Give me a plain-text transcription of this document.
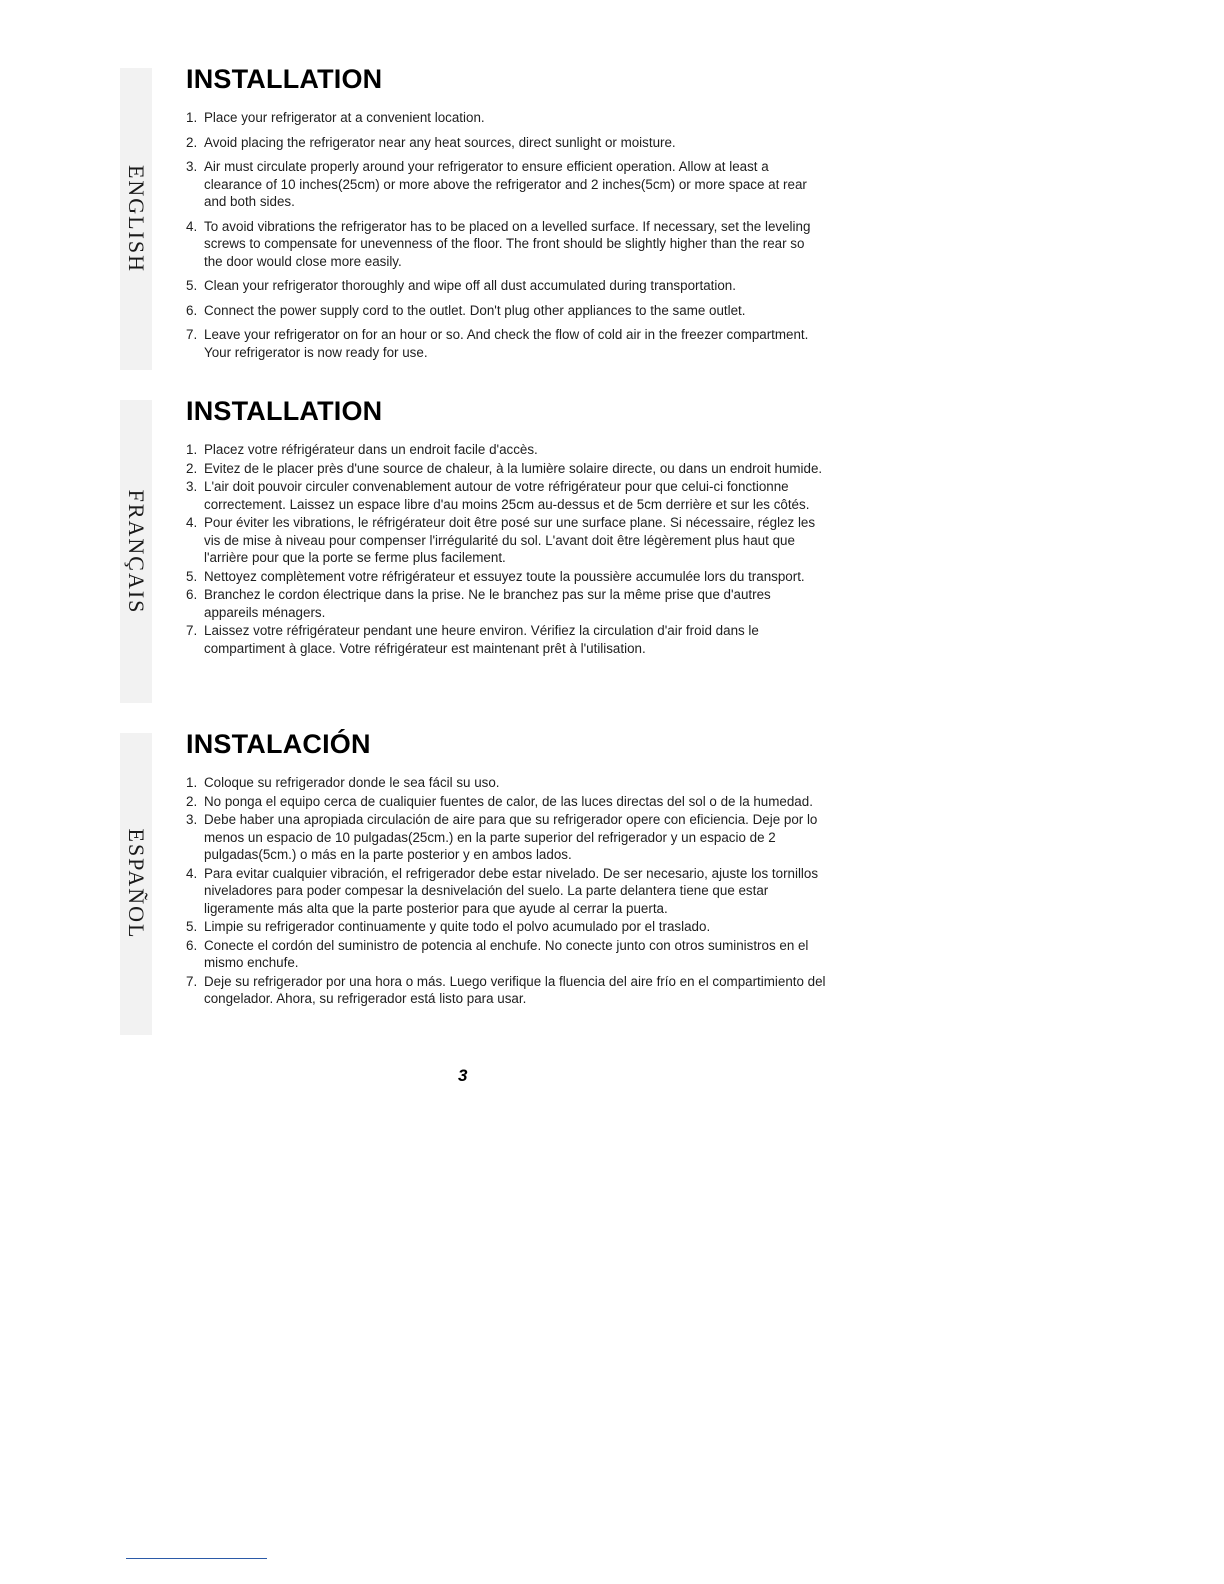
ENGLISH
FRANÇAIS
ESPAÑOL
INSTALLATION
1. Place your refrigerator at a convenient location.
2. Avoid placing the refrigerator near any heat sources, direct sunlight or moisture.
3. Air must circulate properly around your refrigerator to ensure efficient operation. Allow at least a clearance of 10 inches(25cm) or more above the refrigerator and 2 inches(5cm) or more space at rear and both sides.
4. To avoid vibrations the refrigerator has to be placed on a levelled surface. If necessary, set the leveling screws to compensate for unevenness of the floor. The front should be slightly higher than the rear so the door would close more easily.
5. Clean your refrigerator thoroughly and wipe off all dust accumulated during transportation.
6. Connect the power supply cord to the outlet. Don't plug other appliances to the same outlet.
7. Leave your refrigerator on for an hour or so. And check the flow of cold air in the freezer compartment. Your refrigerator is now ready for use.
INSTALLATION
1. Placez votre réfrigérateur dans un endroit facile d'accès.
2. Evitez de le placer près d'une source de chaleur, à la lumière solaire directe, ou dans un endroit humide.
3. L'air doit pouvoir circuler convenablement autour de votre réfrigérateur pour que celui-ci fonctionne correctement. Laissez un espace libre d'au moins 25cm au-dessus et de 5cm derrière et sur les côtés.
4. Pour éviter les vibrations, le réfrigérateur doit être posé sur une surface plane. Si nécessaire, réglez les vis de mise à niveau pour compenser l'irrégularité du sol. L'avant doit être légèrement plus haut que l'arrière pour que la porte se ferme plus facilement.
5. Nettoyez complètement votre réfrigérateur et essuyez toute la poussière accumulée lors du transport.
6. Branchez le cordon électrique dans la prise. Ne le branchez pas sur la même prise que d'autres appareils ménagers.
7. Laissez votre réfrigérateur pendant une heure environ. Vérifiez la circulation d'air froid dans le compartiment à glace. Votre réfrigérateur est maintenant prêt à l'utilisation.
INSTALACIÓN
1. Coloque su refrigerador donde le sea fácil su uso.
2. No ponga el equipo cerca de cualiquier fuentes de calor, de las luces directas del sol o de la humedad.
3. Debe haber una apropiada circulación de aire para que su refrigerador opere con eficiencia. Deje por lo menos un espacio de 10 pulgadas(25cm.) en la parte superior del refrigerador y un espacio de 2 pulgadas(5cm.) o más en la parte posterior y en ambos lados.
4. Para evitar cualquier vibración, el refrigerador debe estar nivelado. De ser necesario, ajuste los tornillos niveladores para poder compesar la desnivelación del suelo. La parte delantera tiene que estar ligeramente más alta que la parte posterior para que ayude al cerrar la puerta.
5. Limpie su refrigerador continuamente y quite todo el polvo acumulado por el traslado.
6. Conecte el cordón del suministro de potencia al enchufe. No conecte junto con otros suministros en el mismo enchufe.
7. Deje su refrigerador por una hora o más. Luego verifique la fluencia del aire frío en el compartimiento del congelador. Ahora, su refrigerador está listo para usar.
3
